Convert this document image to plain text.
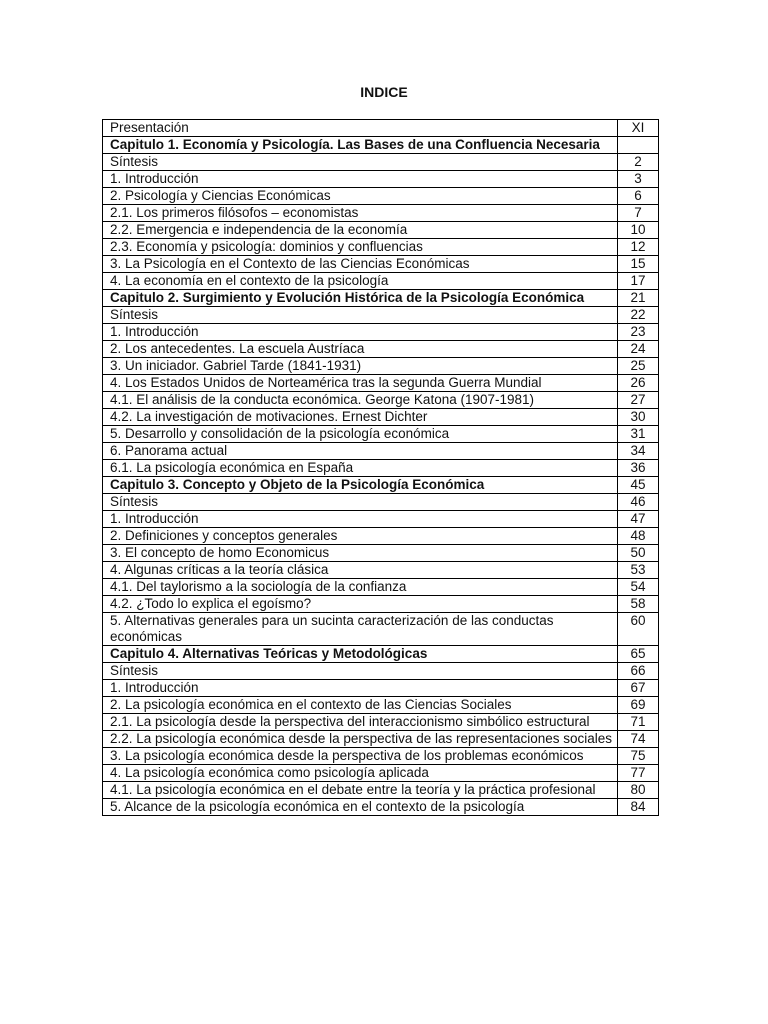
INDICE
Presentación	XI
Capitulo 1. Economía y Psicología. Las Bases de una Confluencia Necesaria	
Síntesis	2
1. Introducción	3
2. Psicología y Ciencias Económicas	6
2.1. Los primeros filósofos – economistas	7
2.2. Emergencia e independencia de la economía	10
2.3. Economía y psicología: dominios y confluencias	12
3. La Psicología en el Contexto de las Ciencias Económicas	15
4. La economía en el contexto de la psicología	17
Capitulo 2. Surgimiento y Evolución Histórica de la Psicología Económica	21
Síntesis	22
1. Introducción	23
2. Los antecedentes. La escuela Austríaca	24
3. Un iniciador. Gabriel Tarde (1841-1931)	25
4. Los Estados Unidos de Norteamérica tras la segunda Guerra Mundial	26
4.1. El análisis de la conducta económica. George Katona (1907-1981)	27
4.2. La investigación de motivaciones. Ernest Dichter	30
5. Desarrollo y consolidación de la psicología económica	31
6. Panorama actual	34
6.1. La psicología económica en España	36
Capitulo 3. Concepto y Objeto de la Psicología Económica	45
Síntesis	46
1. Introducción	47
2. Definiciones y conceptos generales	48
3. El concepto de homo Economicus	50
4. Algunas críticas a la teoría clásica	53
4.1. Del taylorismo a la sociología de la confianza	54
4.2. ¿Todo lo explica el egoísmo?	58
5. Alternativas generales para un sucinta caracterización de las conductas económicas	60
Capitulo 4. Alternativas Teóricas y Metodológicas	65
Síntesis	66
1. Introducción	67
2. La psicología económica en el contexto de las Ciencias Sociales	69
2.1. La psicología desde la perspectiva del interaccionismo simbólico estructural	71
2.2. La psicología económica desde la perspectiva de las representaciones sociales	74
3. La psicología económica desde la perspectiva de los problemas económicos	75
4. La psicología económica como psicología aplicada	77
4.1. La psicología económica en el debate entre la teoría y la práctica profesional	80
5. Alcance de la psicología económica en el contexto de la psicología	84
